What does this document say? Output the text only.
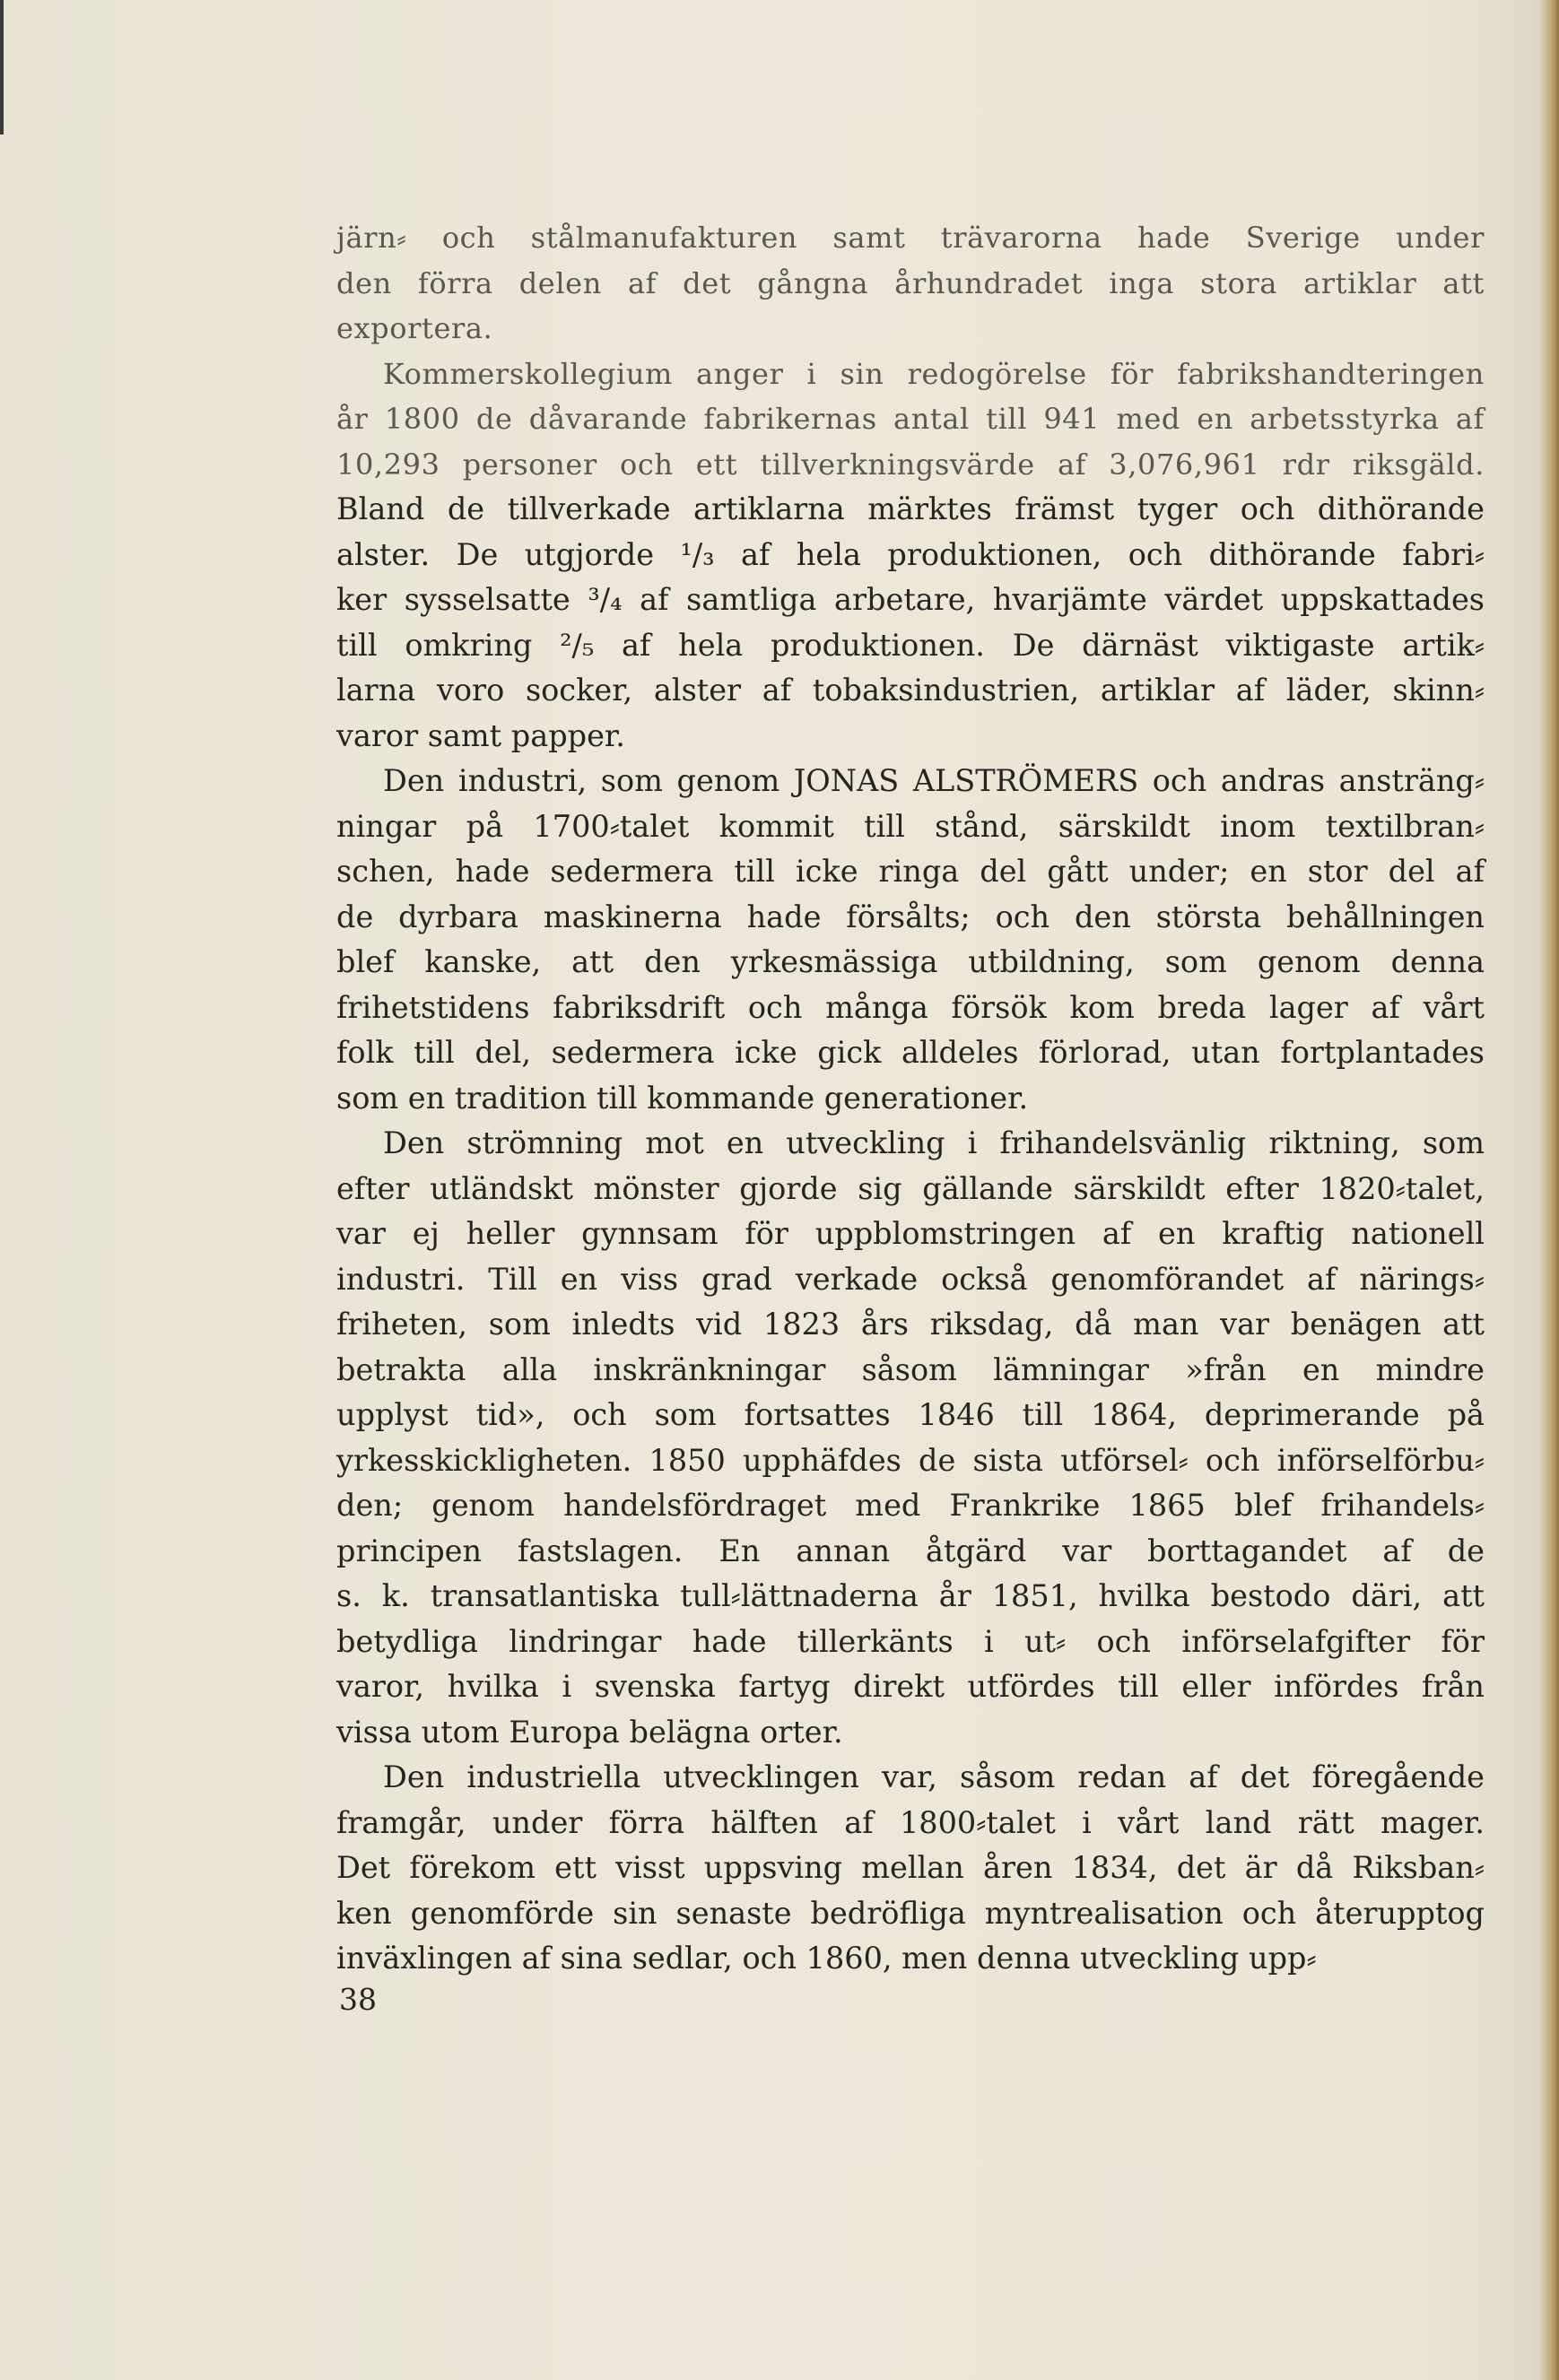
järn⸗ och stålmanufakturen samt trävarorna hade Sverige under
den förra delen af det gångna århundradet inga stora artiklar att
exportera.
Kommerskollegium anger i sin redogörelse för fabrikshandteringen
år 1800 de dåvarande fabrikernas antal till 941 med en arbetsstyrka af
10,293 personer och ett tillverkningsvärde af 3,076,961 rdr riksgäld.
Bland de tillverkade artiklarna märktes främst tyger och dithörande
alster. De utgjorde ¹/₃ af hela produktionen, och dithörande fabri⸗
ker sysselsatte ³/₄ af samtliga arbetare, hvarjämte värdet uppskattades
till omkring ²/₅ af hela produktionen. De därnäst viktigaste artik⸗
larna voro socker, alster af tobaksindustrien, artiklar af läder, skinn⸗
varor samt papper.
Den industri, som genom JONAS ALSTRÖMERS och andras ansträng⸗
ningar på 1700⸗talet kommit till stånd, särskildt inom textilbran⸗
schen, hade sedermera till icke ringa del gått under; en stor del af
de dyrbara maskinerna hade försålts; och den största behållningen
blef kanske, att den yrkesmässiga utbildning, som genom denna
frihetstidens fabriksdrift och många försök kom breda lager af vårt
folk till del, sedermera icke gick alldeles förlorad, utan fortplantades
som en tradition till kommande generationer.
Den strömning mot en utveckling i frihandelsvänlig riktning, som
efter utländskt mönster gjorde sig gällande särskildt efter 1820⸗talet,
var ej heller gynnsam för uppblomstringen af en kraftig nationell
industri. Till en viss grad verkade också genomförandet af närings⸗
friheten, som inledts vid 1823 års riksdag, då man var benägen att
betrakta alla inskränkningar såsom lämningar »från en mindre
upplyst tid», och som fortsattes 1846 till 1864, deprimerande på
yrkesskickligheten. 1850 upphäfdes de sista utförsel⸗ och införselförbu⸗
den; genom handelsfördraget med Frankrike 1865 blef frihandels⸗
principen fastslagen. En annan åtgärd var borttagandet af de
s. k. transatlantiska tull⸗lättnaderna år 1851, hvilka bestodo däri, att
betydliga lindringar hade tillerkänts i ut⸗ och införselafgifter för
varor, hvilka i svenska fartyg direkt utfördes till eller infördes från
vissa utom Europa belägna orter.
Den industriella utvecklingen var, såsom redan af det föregående
framgår, under förra hälften af 1800⸗talet i vårt land rätt mager.
Det förekom ett visst uppsving mellan åren 1834, det är då Riksban⸗
ken genomförde sin senaste bedröfliga myntrealisation och återupptog
inväxlingen af sina sedlar, och 1860, men denna utveckling upp⸗
38
